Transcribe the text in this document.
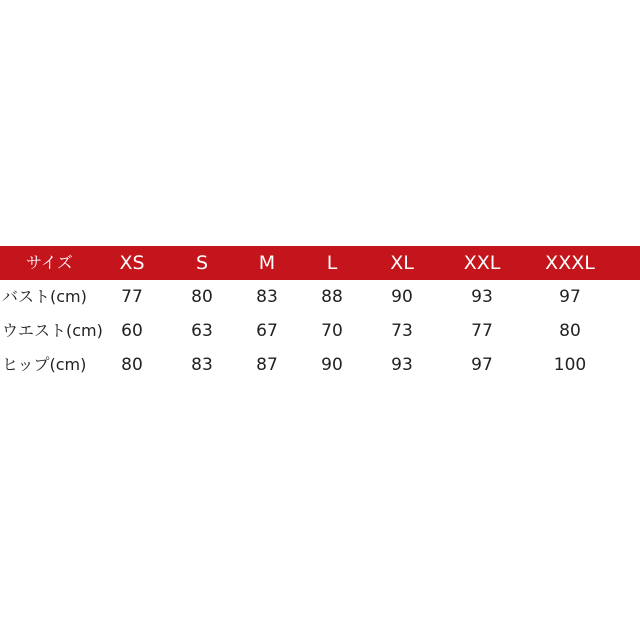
サイズ	XS	S	M	L	XL	XXL	XXXL
バスト(cm)	77	80	83	88	90	93	97
ウエスト(cm)	60	63	67	70	73	77	80
ヒップ(cm)	80	83	87	90	93	97	100
